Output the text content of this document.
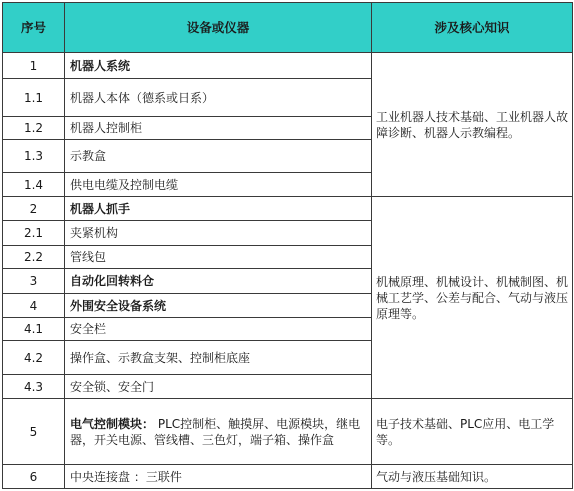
序号	设备或仪器	涉及核心知识
1	机器人系统	工业机器人技术基础、工业机器人故障诊断、机器人示教编程。
1.1	机器人本体（德系或日系）	
1.2	机器人控制柜	
1.3	示教盒	
1.4	供电电缆及控制电缆	
2	机器人抓手	机械原理、机械设计、机械制图、机械工艺学、公差与配合、气动与液压原理等。
2.1	夹紧机构	
2.2	管线包	
3	自动化回转料仓	
4	外围安全设备系统	
4.1	安全栏	
4.2	操作盒、示教盒支架、控制柜底座	
4.3	安全锁、安全门	
5	电气控制模块： PLC控制柜、触摸屏、电源模块，继电器，开关电源、管线槽、三色灯，端子箱、操作盒	电子技术基础、PLC应用、电工学等。
6	中央连接盘 ：三联件	气动与液压基础知识。
